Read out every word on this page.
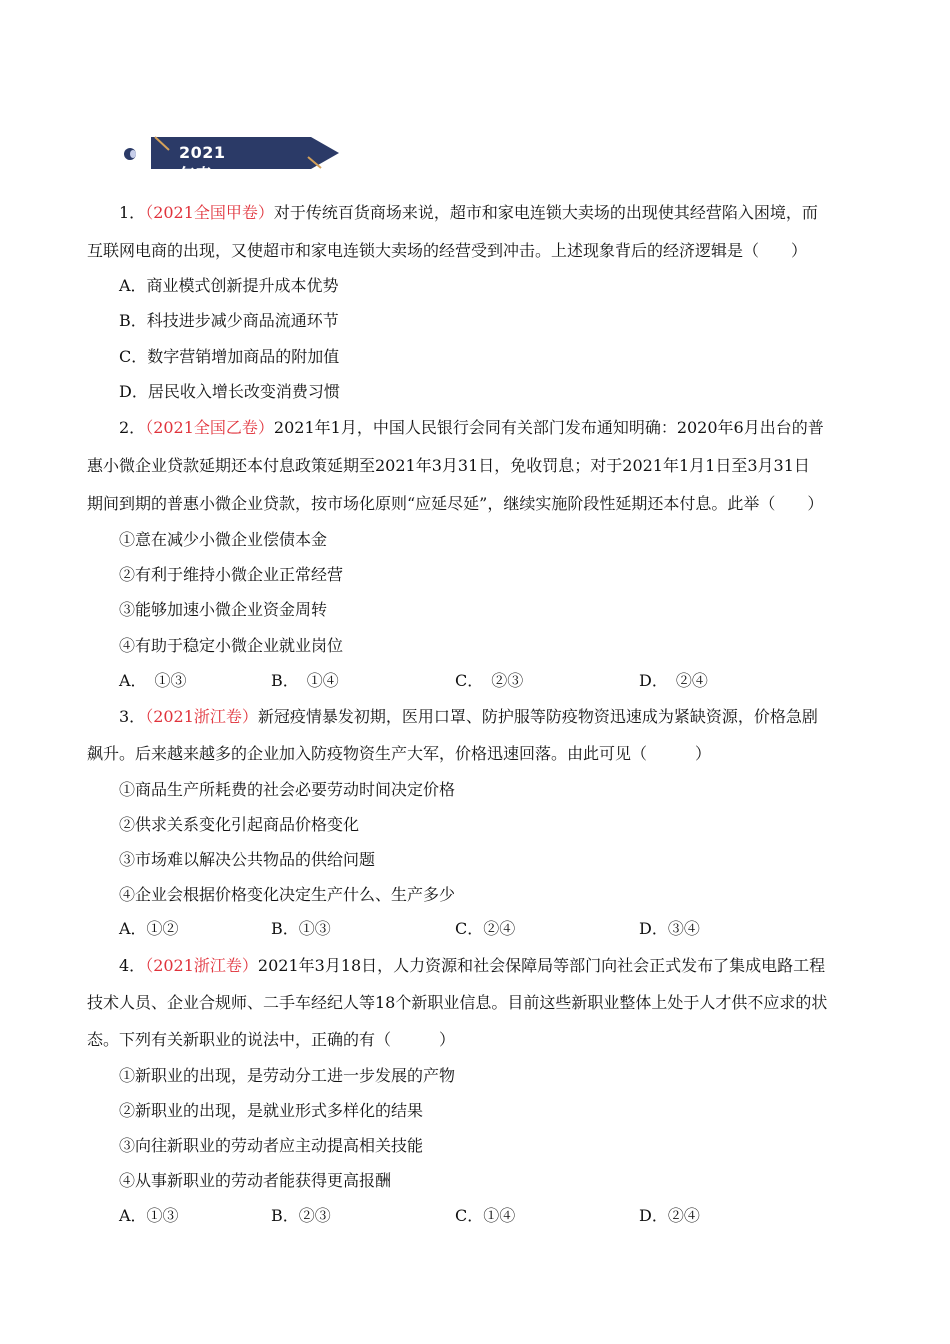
2021年真题
1．（2021全国甲卷）对于传统百货商场来说，超市和家电连锁大卖场的出现使其经营陷入困境，而
互联网电商的出现，又使超市和家电连锁大卖场的经营受到冲击。上述现象背后的经济逻辑是（　　）
A．商业模式创新提升成本优势
B．科技进步减少商品流通环节
C．数字营销增加商品的附加值
D．居民收入增长改变消费习惯
2．（2021全国乙卷）2021年1月，中国人民银行会同有关部门发布通知明确：2020年6月出台的普
惠小微企业贷款延期还本付息政策延期至2021年3月31日，免收罚息；对于2021年1月1日至3月31日
期间到期的普惠小微企业贷款，按市场化原则“应延尽延”，继续实施阶段性延期还本付息。此举（　　）
①意在减少小微企业偿债本金
②有利于维持小微企业正常经营
③能够加速小微企业资金周转
④有助于稳定小微企业就业岗位
A．　①③	B．　①④	C．　②③	D．　②④
3．（2021浙江卷）新冠疫情暴发初期，医用口罩、防护服等防疫物资迅速成为紧缺资源，价格急剧
飙升。后来越来越多的企业加入防疫物资生产大军，价格迅速回落。由此可见（　　　）
①商品生产所耗费的社会必要劳动时间决定价格
②供求关系变化引起商品价格变化
③市场难以解决公共物品的供给问题
④企业会根据价格变化决定生产什么、生产多少
A．①②	B．①③	C．②④	D．③④
4．（2021浙江卷）2021年3月18日，人力资源和社会保障局等部门向社会正式发布了集成电路工程
技术人员、企业合规师、二手车经纪人等18个新职业信息。目前这些新职业整体上处于人才供不应求的状
态。下列有关新职业的说法中，正确的有（　　　）
①新职业的出现，是劳动分工进一步发展的产物
②新职业的出现，是就业形式多样化的结果
③向往新职业的劳动者应主动提高相关技能
④从事新职业的劳动者能获得更高报酬
A．①③	B．②③	C．①④	D．②④
